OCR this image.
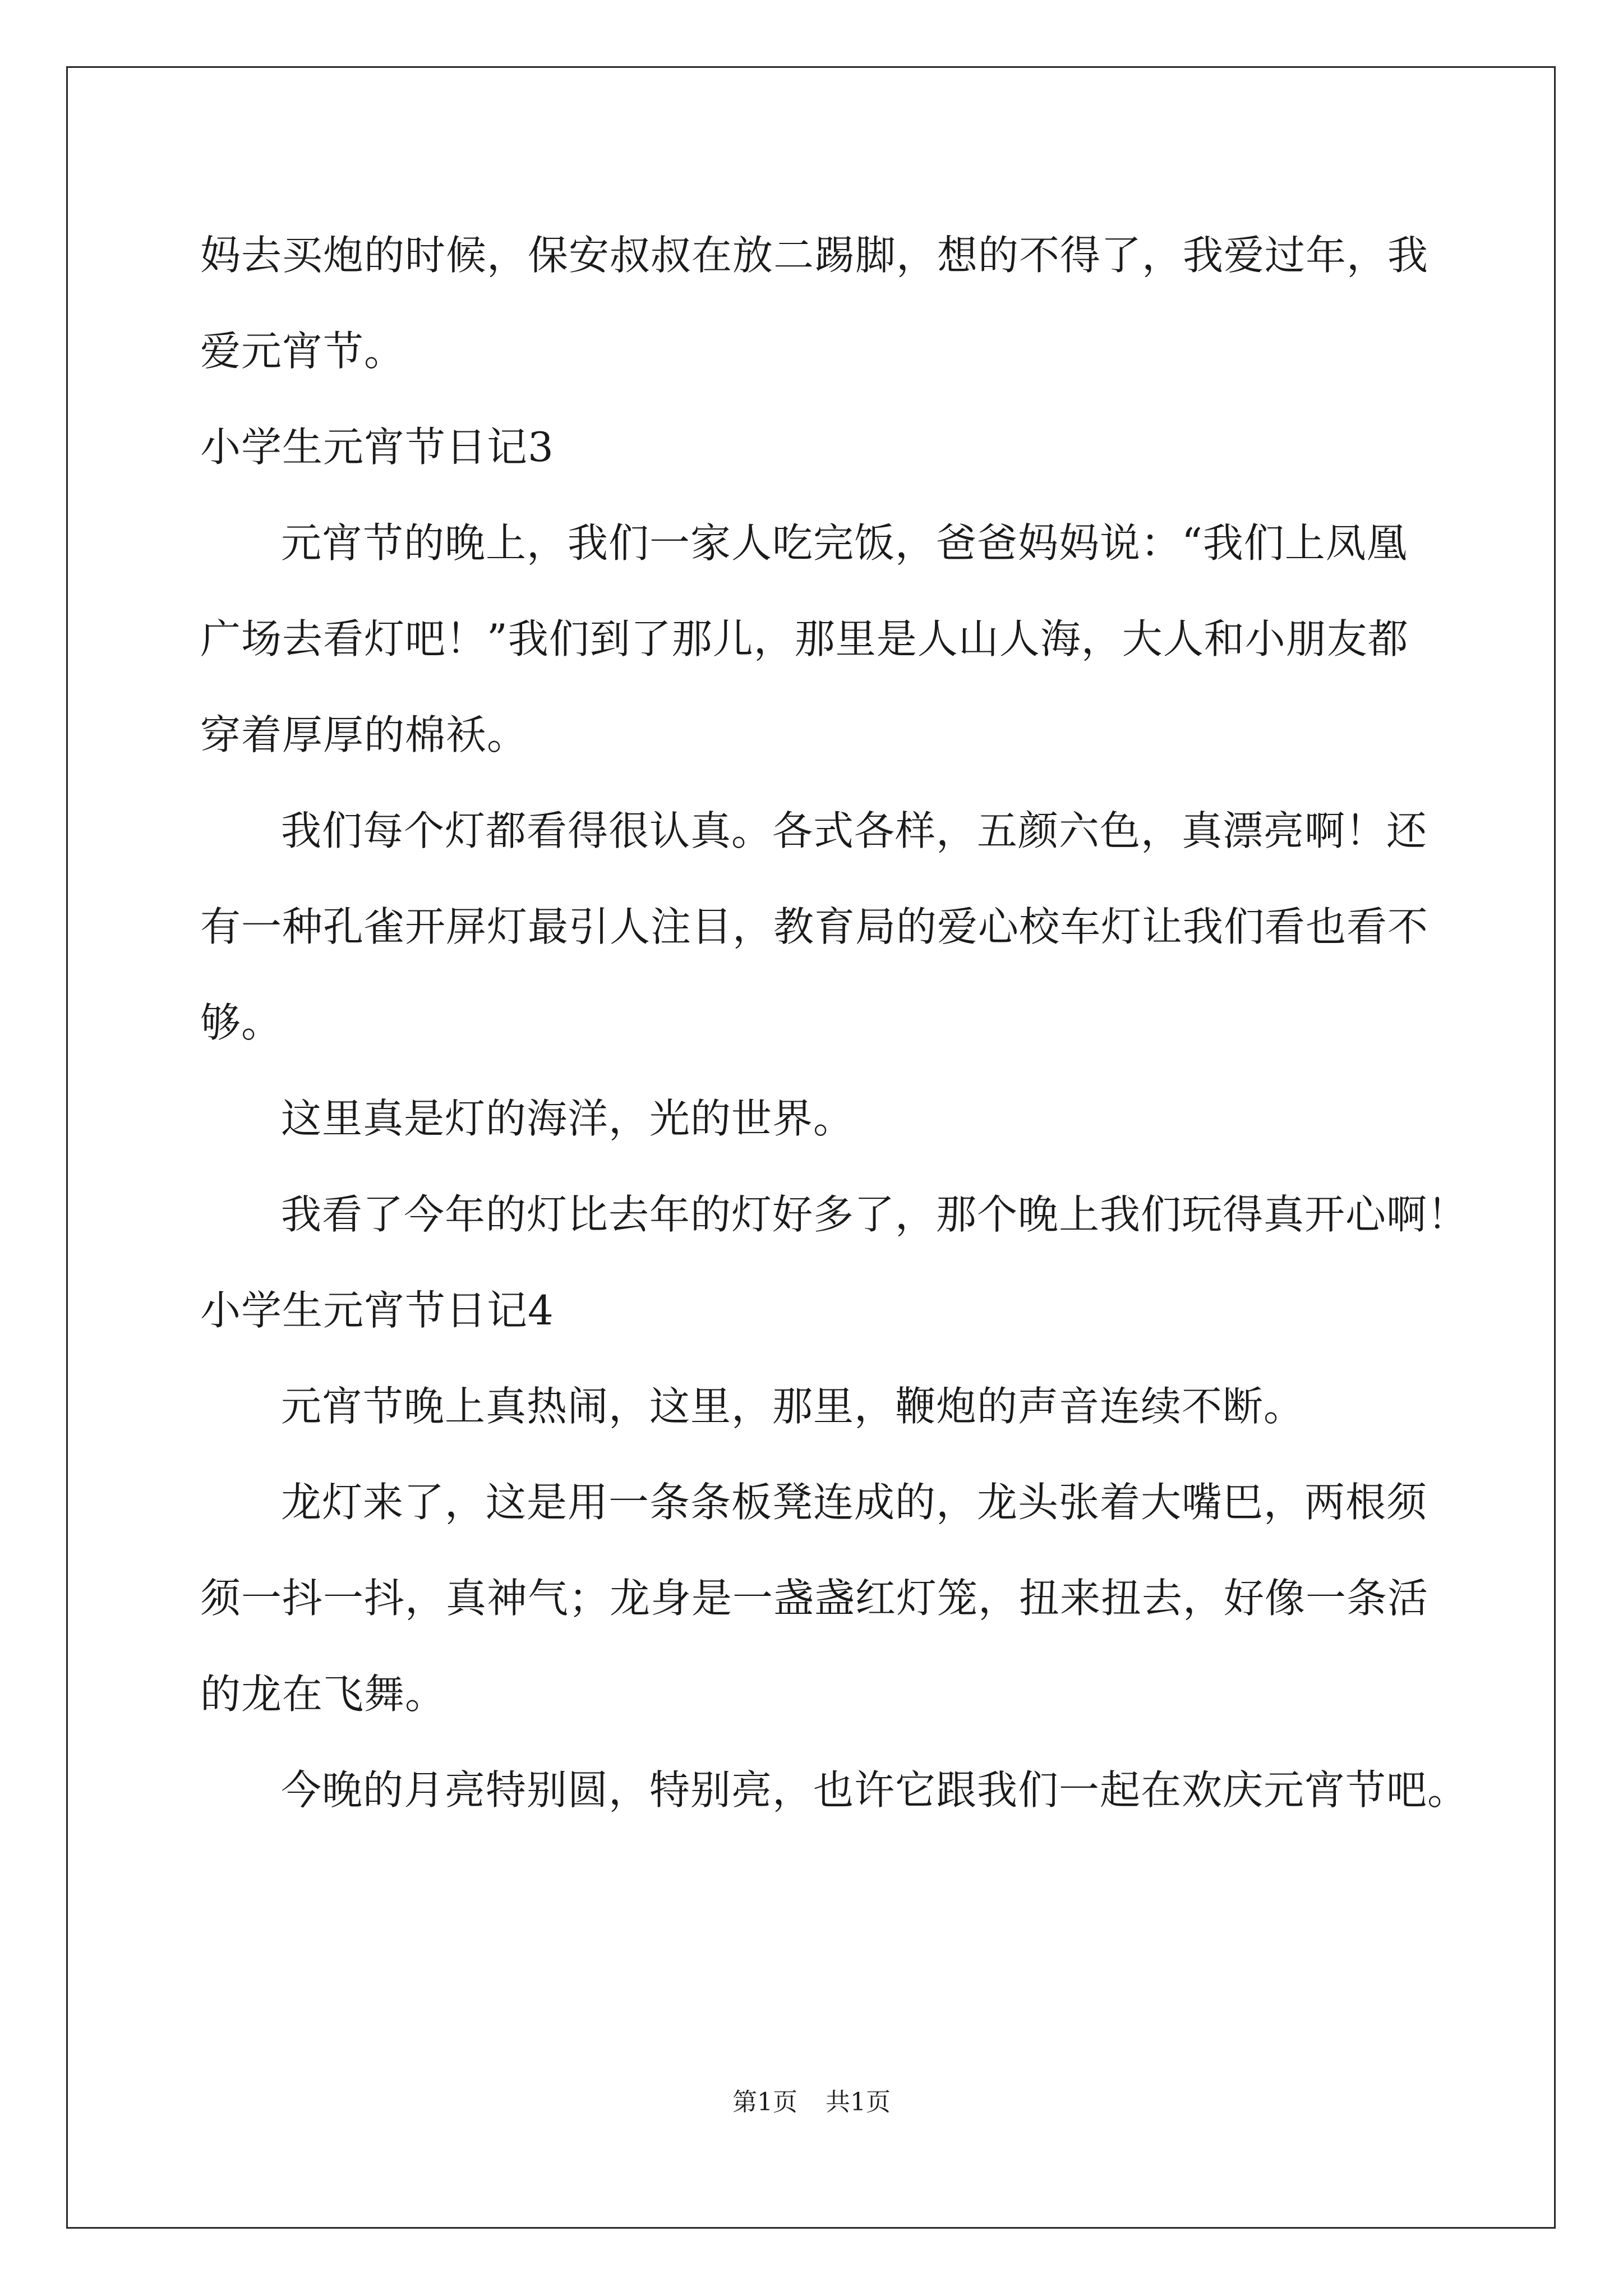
妈去买炮的时候，保安叔叔在放二踢脚，想的不得了，我爱过年，我
爱元宵节。
小学生元宵节日记3
元宵节的晚上，我们一家人吃完饭，爸爸妈妈说：“我们上凤凰
广场去看灯吧！”我们到了那儿，那里是人山人海，大人和小朋友都
穿着厚厚的棉袄。
我们每个灯都看得很认真。各式各样，五颜六色，真漂亮啊！还
有一种孔雀开屏灯最引人注目，教育局的爱心校车灯让我们看也看不
够。
这里真是灯的海洋，光的世界。
我看了今年的灯比去年的灯好多了，那个晚上我们玩得真开心啊！
小学生元宵节日记4
元宵节晚上真热闹，这里，那里，鞭炮的声音连续不断。
龙灯来了，这是用一条条板凳连成的，龙头张着大嘴巴，两根须
须一抖一抖，真神气；龙身是一盏盏红灯笼，扭来扭去，好像一条活
的龙在飞舞。
今晚的月亮特别圆，特别亮，也许它跟我们一起在欢庆元宵节吧。
第1页 共1页
